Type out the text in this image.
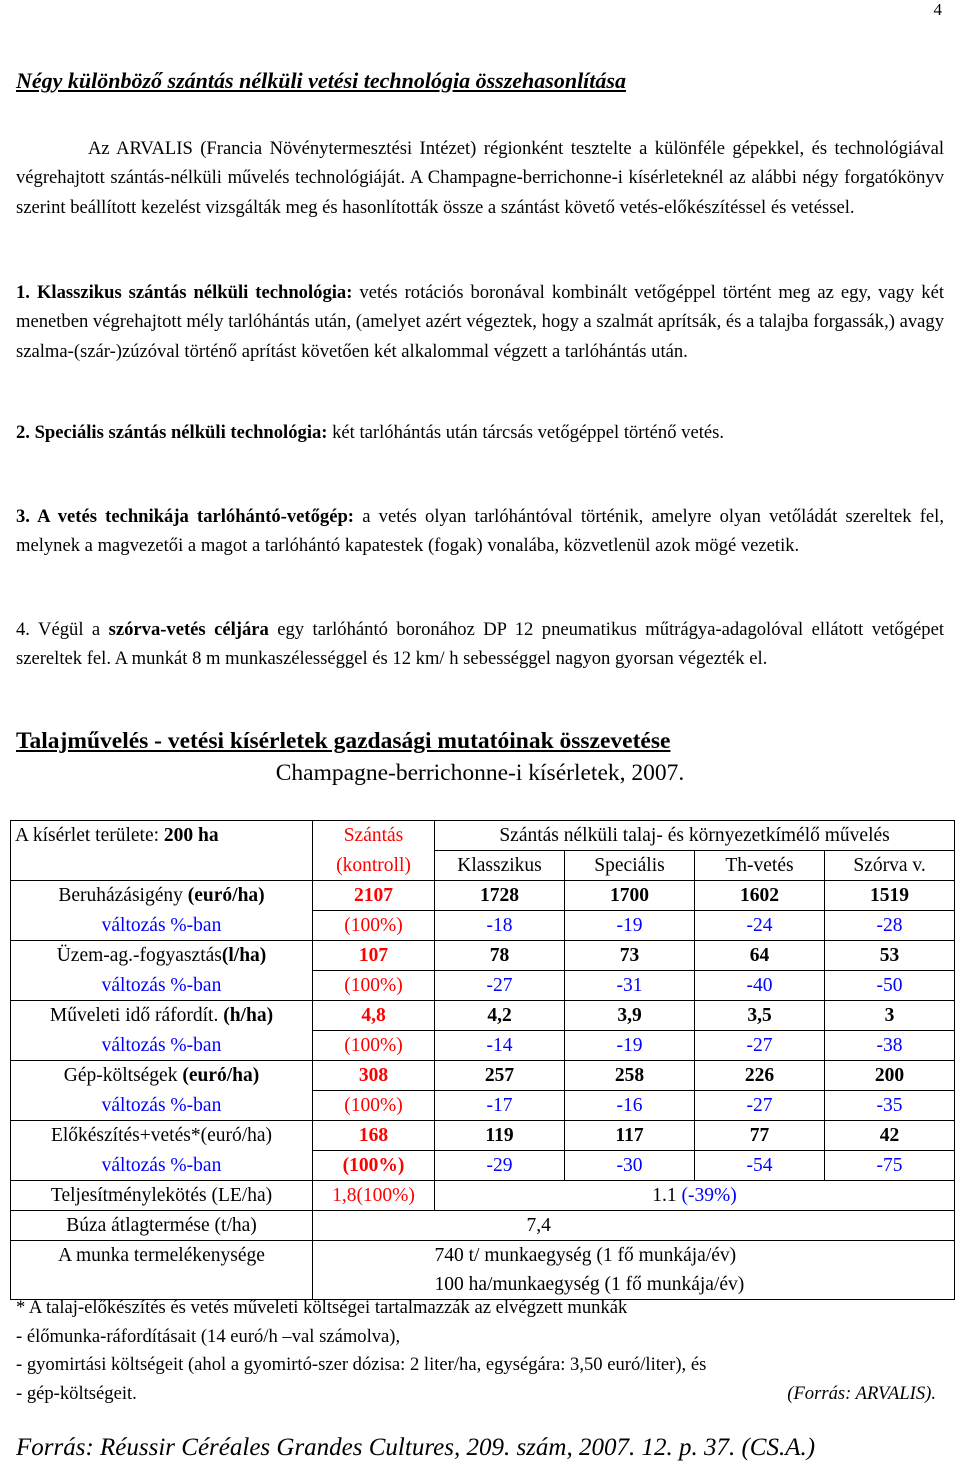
4
Négy különböző szántás nélküli vetési technológia összehasonlítása

Az ARVALIS (Francia Növénytermesztési Intézet) régionként tesztelte a különféle gépekkel, és technológiával végrehajtott szántás-nélküli művelés technológiáját. A Champagne-berrichonne-i kísérleteknél az alábbi négy forgatókönyv szerint beállított kezelést vizsgálták meg és hasonlították össze a szántást követő vetés-előkészítéssel és vetéssel.

1. Klasszikus szántás nélküli technológia: vetés rotációs boronával kombinált vetőgéppel történt meg az egy, vagy két menetben végrehajtott mély tarlóhántás után, (amelyet azért végeztek, hogy a szalmát aprítsák, és a talajba forgassák,) avagy szalma-(szár-)zúzóval történő aprítást követően két alkalommal végzett a tarlóhántás után.

2. Speciális szántás nélküli technológia: két tarlóhántás után tárcsás vetőgéppel történő vetés.

3. A vetés technikája tarlóhántó-vetőgép: a vetés olyan tarlóhántóval történik, amelyre olyan vetőládát szereltek fel, melynek a magvezetői a magot a tarlóhántó kapatestek (fogak) vonalába, közvetlenül azok mögé vezetik.

4. Végül a szórva-vetés céljára egy tarlóhántó boronához DP 12 pneumatikus műtrágya-adagolóval ellátott vetőgépet szereltek fel. A munkát 8 m munkaszélességgel és 12 km/ h sebességgel nagyon gyorsan végezték el.

Talajművelés - vetési kísérletek gazdasági mutatóinak összevetése
Champagne-berrichonne-i kísérletek, 2007.
A kísérlet területe: 200 ha	Szántás	Szántás nélküli talaj- és környezetkímélő művelés			
	(kontroll)	Klasszikus	Speciális	Th-vetés	Szórva v.
Beruházásigény (euró/ha)	2107	1728	1700	1602	1519
változás %-ban	(100%)	-18	-19	-24	-28
Üzem-ag.-fogyasztás(l/ha)	107	78	73	64	53
változás %-ban	(100%)	-27	-31	-40	-50
Műveleti idő ráfordít. (h/ha)	4,8	4,2	3,9	3,5	3
változás %-ban	(100%)	-14	-19	-27	-38
Gép-költségek (euró/ha)	308	257	258	226	200
változás %-ban	(100%)	-17	-16	-27	-35
Előkészítés+vetés*(euró/ha)	168	119	117	77	42
változás %-ban	(100%)	-29	-30	-54	-75
Teljesítménylekötés (LE/ha)	1,8(100%)	1.1 (-39%)			
Búza átlagtermése (t/ha)		7,4			
A munka termelékenysége		740 t/ munkaegység (1 fő munkája/év)			
		100 ha/munkaegység (1 fő munkája/év)			
* A talaj-előkészítés és vetés műveleti költségei tartalmazzák az elvégzett munkák
- élőmunka-ráfordításait (14 euró/h –val számolva),
- gyomirtási költségeit (ahol a gyomirtó-szer dózisa: 2 liter/ha, egységára: 3,50 euró/liter), és
- gép-költségeit.	(Forrás: ARVALIS).
Forrás: Réussir Céréales Grandes Cultures, 209. szám, 2007. 12. p. 37. (CS.A.)
